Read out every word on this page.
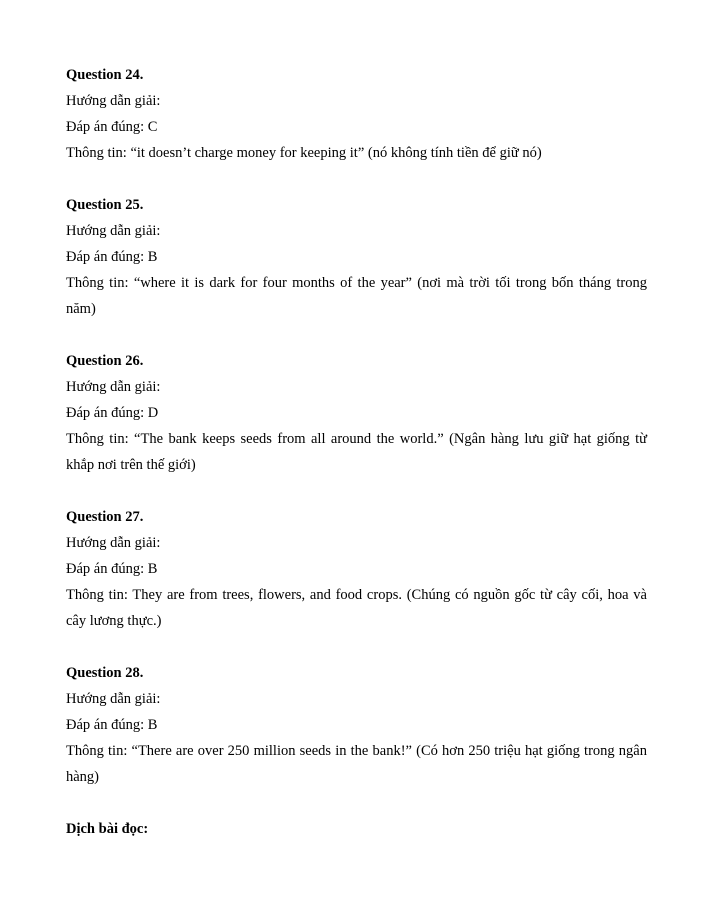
Question 24.
Hướng dẫn giải:
Đáp án đúng: C
Thông tin: “it doesn’t charge money for keeping it” (nó không tính tiền để giữ nó)
Question 25.
Hướng dẫn giải:
Đáp án đúng: B
Thông tin: “where it is dark for four months of the year” (nơi mà trời tối trong bốn tháng trong năm)
Question 26.
Hướng dẫn giải:
Đáp án đúng: D
Thông tin: “The bank keeps seeds from all around the world.” (Ngân hàng lưu giữ hạt giống từ khắp nơi trên thế giới)
Question 27.
Hướng dẫn giải:
Đáp án đúng: B
Thông tin: They are from trees, flowers, and food crops. (Chúng có nguồn gốc từ cây cối, hoa và cây lương thực.)
Question 28.
Hướng dẫn giải:
Đáp án đúng: B
Thông tin: “There are over 250 million seeds in the bank!” (Có hơn 250 triệu hạt giống trong ngân hàng)
Dịch bài đọc:
